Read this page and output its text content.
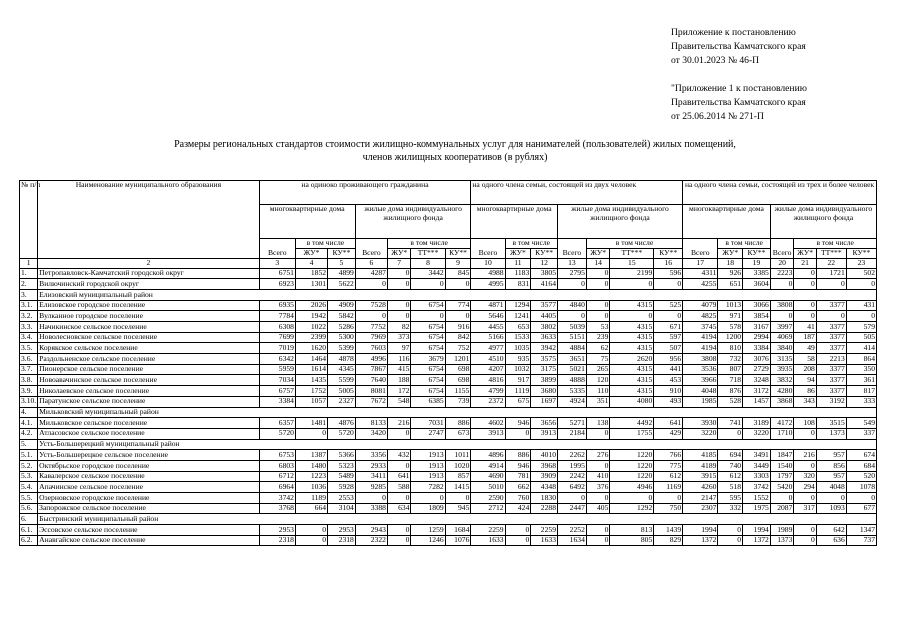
Приложение к постановлению
Правительства Камчатского края
от 30.01.2023 № 46-П
"Приложение 1 к постановлению
Правительства Камчатского края
от 25.06.2014 № 271-П
Размеры региональных стандартов стоимости жилищно-коммунальных услуг для нанимателей (пользователей) жилых помещений,
членов жилищных кооперативов (в рублях)
№ п/п	Наименование муниципального образования	на одиноко проживающего гражданина							на одного члена семьи, состоящей из двух человек							на одного члена семьи, состоящей из трех и более человек						
		многоквартирные дома			жилые дома индивидуального жилищного фонда				многоквартирные дома			жилые дома индивидуального жилищного фонда				многоквартирные дома			жилые дома индивидуального жилищного фонда			
		Всего	в том числе		Всего	в том числе			Всего	в том числе		Всего	в том числе			Всего	в том числе		Всего	в том числе		
			ЖУ*	КУ**		ЖУ*	ТТ***	КУ**		ЖУ*	КУ**		ЖУ*	ТТ***	КУ**		ЖУ*	КУ**		ЖУ*	ТТ***	КУ**
1	2	3	4	5	6	7	8	9	10	11	12	13	14	15	16	17	18	19	20	21	22	23
1.	Петропавловск-Камчатский городской округ	6751	1852	4899	4287	0	3442	845	4988	1183	3805	2795	0	2199	596	4311	926	3385	2223	0	1721	502
2.	Вилючинский городской округ	6923	1301	5622	0	0	0	0	4995	831	4164	0	0	0	0	4255	651	3604	0	0	0	0
3.	Елизовский муниципальный район																					
3.1.	Елизовское городское поселение	6935	2026	4909	7528	0	6754	774	4871	1294	3577	4840	0	4315	525	4079	1013	3066	3808	0	3377	431
3.2.	Вулканное городское поселение	7784	1942	5842	0	0	0	0	5646	1241	4405	0	0	0	0	4825	971	3854	0	0	0	0
3.3.	Начикинское сельское поселение	6308	1022	5286	7752	82	6754	916	4455	653	3802	5039	53	4315	671	3745	578	3167	3997	41	3377	579
3.4.	Новолесновское сельское поселение	7699	2399	5300	7969	373	6754	842	5166	1533	3633	5151	239	4315	597	4194	1200	2994	4069	187	3377	505
3.5.	Корякское сельское поселение	7019	1620	5399	7603	97	6754	752	4977	1035	3942	4884	62	4315	507	4194	810	3384	3840	49	3377	414
3.6.	Раздольненское сельское поселение	6342	1464	4878	4996	116	3679	1201	4510	935	3575	3651	75	2620	956	3808	732	3076	3135	58	2213	864
3.7.	Пионерское сельское поселение	5959	1614	4345	7867	415	6754	698	4207	1032	3175	5021	265	4315	441	3536	807	2729	3935	208	3377	350
3.8.	Новоавачинское сельское поселение	7034	1435	5599	7640	188	6754	698	4816	917	3899	4888	120	4315	453	3966	718	3248	3832	94	3377	361
3.9.	Николаевское сельское поселение	6757	1752	5005	8081	172	6754	1155	4799	1119	3680	5335	110	4315	910	4048	876	3172	4280	86	3377	817
3.10.	Паратунское сельское поселение	3384	1057	2327	7672	548	6385	739	2372	675	1697	4924	351	4080	493	1985	528	1457	3868	343	3192	333
4.	Мильковский муниципальный район																					
4.1.	Мильковское сельское поселение	6357	1481	4876	8133	216	7031	886	4602	946	3656	5271	138	4492	641	3930	741	3189	4172	108	3515	549
4.2.	Атласовское сельское поселение	5720	0	5720	3420	0	2747	673	3913	0	3913	2184	0	1755	429	3220	0	3220	1710	0	1373	337
5.	Усть-Большерецкий муниципальный район																					
5.1.	Усть-Большерецкое сельское поселение	6753	1387	5366	3356	432	1913	1011	4896	886	4010	2262	276	1220	766	4185	694	3491	1847	216	957	674
5.2.	Октябрьское городское поселение	6803	1480	5323	2933	0	1913	1020	4914	946	3968	1995	0	1220	775	4189	740	3449	1540	0	856	684
5.3.	Кавалерское сельское поселение	6712	1223	5489	3411	641	1913	857	4690	781	3909	2242	410	1220	612	3915	612	3303	1797	320	957	520
5.4.	Апачинское сельское поселение	6964	1036	5928	9285	588	7282	1415	5010	662	4348	6492	376	4946	1169	4260	518	3742	5420	294	4048	1078
5.5.	Озерновское городское поселение	3742	1189	2553	0	0	0	0	2590	760	1830	0	0	0	0	2147	595	1552	0	0	0	0
5.6.	Запорожское сельское поселение	3768	664	3104	3388	634	1809	945	2712	424	2288	2447	405	1292	750	2307	332	1975	2087	317	1093	677
6.	Быстринский муниципальный район																					
6.1.	Эссовское сельское поселение	2953	0	2953	2943	0	1259	1684	2259	0	2259	2252	0	813	1439	1994	0	1994	1989	0	642	1347
6.2.	Анавгайское сельское поселение	2318	0	2318	2322	0	1246	1076	1633	0	1633	1634	0	805	829	1372	0	1372	1373	0	636	737
